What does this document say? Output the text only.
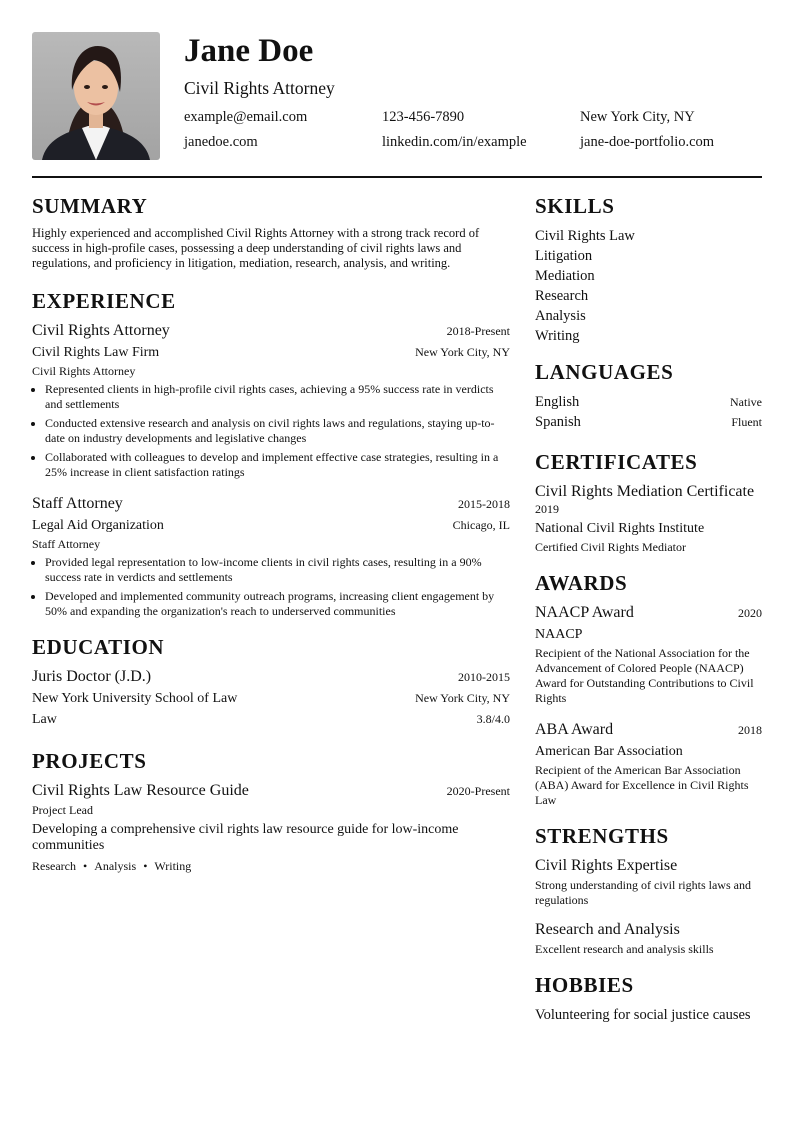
Jane Doe
Civil Rights Attorney
example@email.com	123-456-7890	New York City, NY
janedoe.com	linkedin.com/in/example	jane-doe-portfolio.com
SUMMARY
Highly experienced and accomplished Civil Rights Attorney with a strong track record of success in high-profile cases, possessing a deep understanding of civil rights laws and regulations, and proficiency in litigation, mediation, research, analysis, and writing.
EXPERIENCE
Civil Rights Attorney	2018-Present
Civil Rights Law Firm	New York City, NY
Civil Rights Attorney
• Represented clients in high-profile civil rights cases, achieving a 95% success rate in verdicts and settlements
• Conducted extensive research and analysis on civil rights laws and regulations, staying up-to-date on industry developments and legislative changes
• Collaborated with colleagues to develop and implement effective case strategies, resulting in a 25% increase in client satisfaction ratings
Staff Attorney	2015-2018
Legal Aid Organization	Chicago, IL
Staff Attorney
• Provided legal representation to low-income clients in civil rights cases, resulting in a 90% success rate in verdicts and settlements
• Developed and implemented community outreach programs, increasing client engagement by 50% and expanding the organization's reach to underserved communities
EDUCATION
Juris Doctor (J.D.)	2010-2015
New York University School of Law	New York City, NY
Law	3.8/4.0
PROJECTS
Civil Rights Law Resource Guide	2020-Present
Project Lead
Developing a comprehensive civil rights law resource guide for low-income communities
Research • Analysis • Writing
SKILLS
Civil Rights Law
Litigation
Mediation
Research
Analysis
Writing
LANGUAGES
English	Native
Spanish	Fluent
CERTIFICATES
Civil Rights Mediation Certificate
2019
National Civil Rights Institute
Certified Civil Rights Mediator
AWARDS
NAACP Award	2020
NAACP
Recipient of the National Association for the Advancement of Colored People (NAACP) Award for Outstanding Contributions to Civil Rights
ABA Award	2018
American Bar Association
Recipient of the American Bar Association (ABA) Award for Excellence in Civil Rights Law
STRENGTHS
Civil Rights Expertise
Strong understanding of civil rights laws and regulations
Research and Analysis
Excellent research and analysis skills
HOBBIES
Volunteering for social justice causes
